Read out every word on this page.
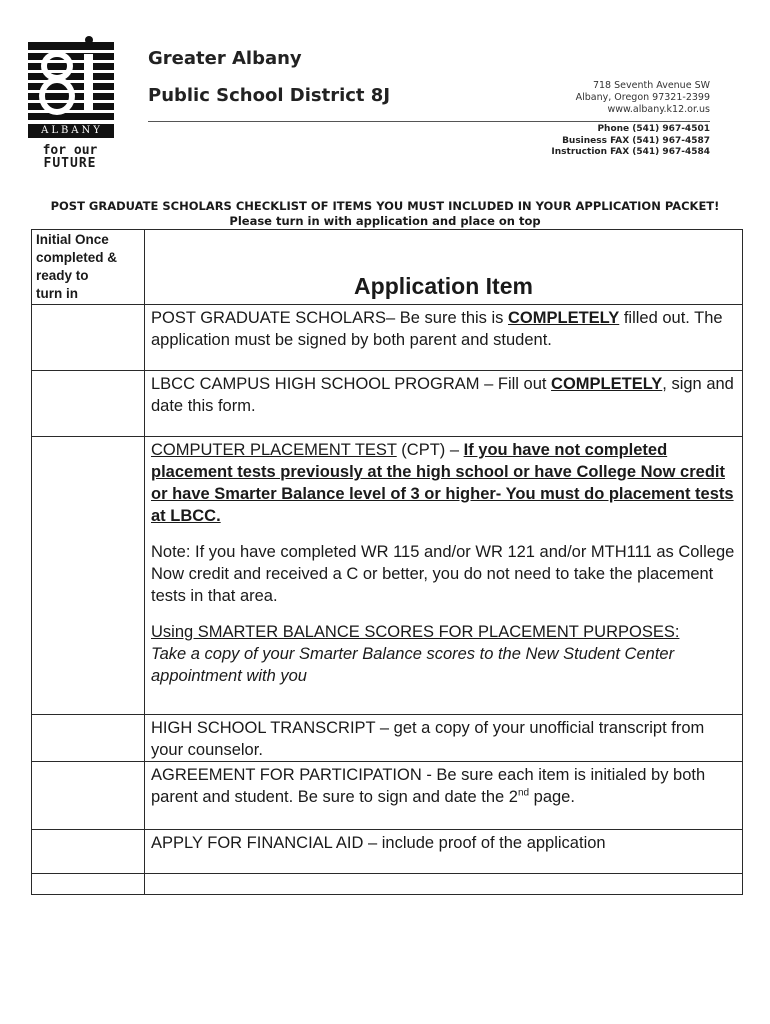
ALBANY
for our
FUTURE
Greater Albany
Public School District 8J	718 Seventh Avenue SW
Albany, Oregon 97321-2399
www.albany.k12.or.us
Phone (541) 967-4501
Business FAX (541) 967-4587
Instruction FAX (541) 967-4584
POST GRADUATE SCHOLARS CHECKLIST OF ITEMS YOU MUST INCLUDED IN YOUR APPLICATION PACKET!
Please turn in with application and place on top
Initial Once
completed &
ready to
turn in	Application Item
	POST GRADUATE SCHOLARS– Be sure this is COMPLETELY filled out. The application must be signed by both parent and student.
	LBCC CAMPUS HIGH SCHOOL PROGRAM – Fill out COMPLETELY, sign and date this form.

	COMPUTER PLACEMENT TEST (CPT) – If you have not completed placement tests previously at the high school or have College Now credit or have Smarter Balance level of 3 or higher- You must do placement tests at LBCC.
Note: If you have completed WR 115 and/or WR 121 and/or MTH111 as College Now credit and received a C or better, you do not need to take the placement tests in that area.
Using SMARTER BALANCE SCORES FOR PLACEMENT PURPOSES:
Take a copy of your Smarter Balance scores to the New Student Center appointment with you

	HIGH SCHOOL TRANSCRIPT – get a copy of your unofficial transcript from your counselor.
	AGREEMENT FOR PARTICIPATION - Be sure each item is initialed by both parent and student. Be sure to sign and date the 2nd page.
	APPLY FOR FINANCIAL AID – include proof of the application
